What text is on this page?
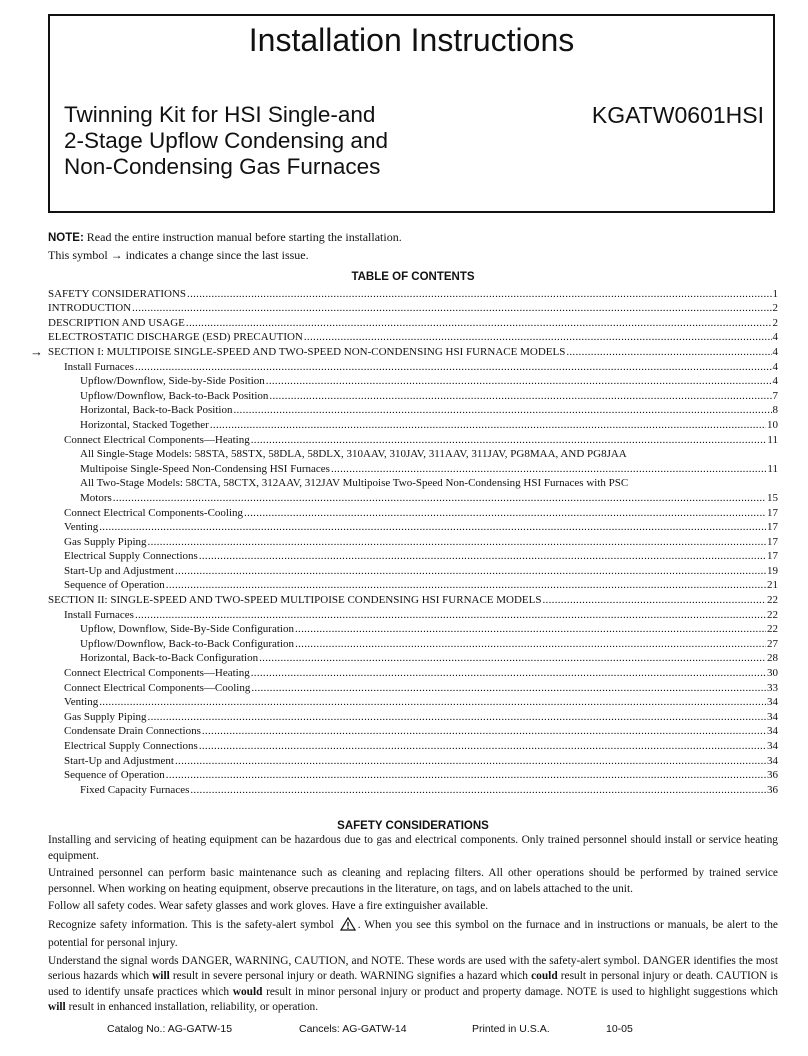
Installation Instructions
Twinning Kit for HSI Single-and
2-Stage Upflow Condensing and
Non-Condensing Gas Furnaces
KGATW0601HSI
NOTE: Read the entire instruction manual before starting the installation.
This symbol → indicates a change since the last issue.
TABLE OF CONTENTS
SAFETY CONSIDERATIONS .....	1
INTRODUCTION .....	2
DESCRIPTION AND USAGE .....	2
ELECTROSTATIC DISCHARGE (ESD) PRECAUTION .....	4
→ SECTION I: MULTIPOISE SINGLE-SPEED AND TWO-SPEED NON-CONDENSING HSI FURNACE MODELS .....	4
Install Furnaces .....	4
Upflow/Downflow, Side-by-Side Position .....	4
Upflow/Downflow, Back-to-Back Position .....	7
Horizontal, Back-to-Back Position .....	8
Horizontal, Stacked Together .....	10
Connect Electrical Components—Heating .....	11
All Single-Stage Models: 58STA, 58STX, 58DLA, 58DLX, 310AAV, 310JAV, 311AAV, 311JAV, PG8MAA, AND PG8JAA
Multipoise Single-Speed Non-Condensing HSI Furnaces .....	11
All Two-Stage Models: 58CTA, 58CTX, 312AAV, 312JAV Multipoise Two-Speed Non-Condensing HSI Furnaces with PSC
Motors .....	15
Connect Electrical Components-Cooling .....	17
Venting .....	17
Gas Supply Piping .....	17
Electrical Supply Connections .....	17
Start-Up and Adjustment .....	19
Sequence of Operation .....	21
SECTION II: SINGLE-SPEED AND TWO-SPEED MULTIPOISE CONDENSING HSI FURNACE MODELS .....	22
Install Furnaces .....	22
Upflow, Downflow, Side-By-Side Configuration .....	22
Upflow/Downflow, Back-to-Back Configuration .....	27
Horizontal, Back-to-Back Configuration .....	28
Connect Electrical Components—Heating .....	30
Connect Electrical Components—Cooling .....	33
Venting .....	34
Gas Supply Piping .....	34
Condensate Drain Connections .....	34
Electrical Supply Connections .....	34
Start-Up and Adjustment .....	34
Sequence of Operation .....	36
Fixed Capacity Furnaces .....	36
SAFETY CONSIDERATIONS

Installing and servicing of heating equipment can be hazardous due to gas and electrical components. Only trained personnel should install or service heating equipment.

Untrained personnel can perform basic maintenance such as cleaning and replacing filters. All other operations should be performed by trained service personnel. When working on heating equipment, observe precautions in the literature, on tags, and on labels attached to the unit.

Follow all safety codes. Wear safety glasses and work gloves. Have a fire extinguisher available.

Recognize safety information. This is the safety-alert symbol . When you see this symbol on the furnace and in instructions or manuals, be alert to the potential for personal injury.

Understand the signal words DANGER, WARNING, CAUTION, and NOTE. These words are used with the safety-alert symbol. DANGER identifies the most serious hazards which will result in severe personal injury or death. WARNING signifies a hazard which could result in personal injury or death. CAUTION is used to identify unsafe practices which would result in minor personal injury or product and property damage. NOTE is used to highlight suggestions which will result in enhanced installation, reliability, or operation.

Catalog No.: AG-GATW-15	Cancels: AG-GATW-14	Printed in U.S.A.	10-05
